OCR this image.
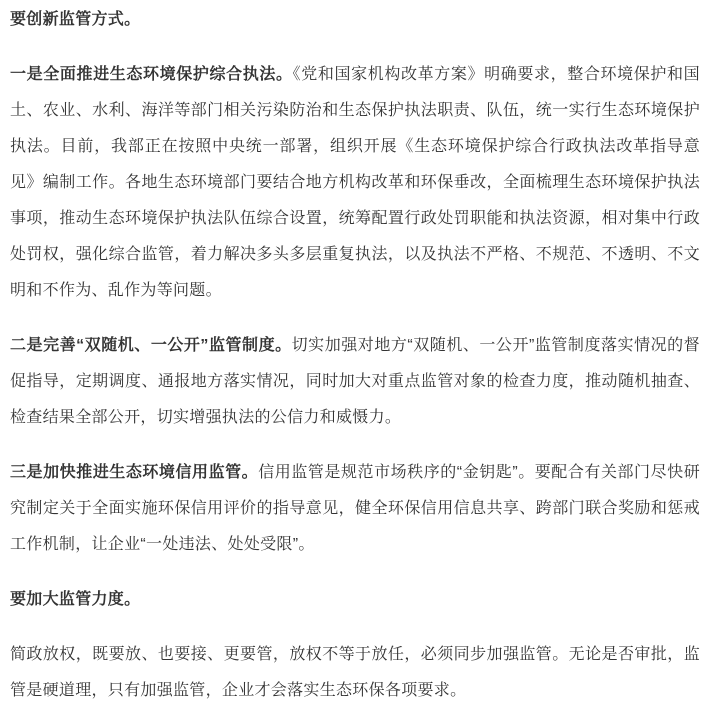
要创新监管方式。

一是全面推进生态环境保护综合执法。《党和国家机构改革方案》明确要求，整合环境保护和国土、农业、水利、海洋等部门相关污染防治和生态保护执法职责、队伍，统一实行生态环境保护执法。目前，我部正在按照中央统一部署，组织开展《生态环境保护综合行政执法改革指导意见》编制工作。各地生态环境部门要结合地方机构改革和环保垂改，全面梳理生态环境保护执法事项，推动生态环境保护执法队伍综合设置，统筹配置行政处罚职能和执法资源，相对集中行政处罚权，强化综合监管，着力解决多头多层重复执法，以及执法不严格、不规范、不透明、不文明和不作为、乱作为等问题。

二是完善“双随机、一公开”监管制度。切实加强对地方“双随机、一公开”监管制度落实情况的督促指导，定期调度、通报地方落实情况，同时加大对重点监管对象的检查力度，推动随机抽查、检查结果全部公开，切实增强执法的公信力和威慑力。

三是加快推进生态环境信用监管。信用监管是规范市场秩序的“金钥匙”。要配合有关部门尽快研究制定关于全面实施环保信用评价的指导意见，健全环保信用信息共享、跨部门联合奖励和惩戒工作机制，让企业“一处违法、处处受限”。

要加大监管力度。

简政放权，既要放、也要接、更要管，放权不等于放任，必须同步加强监管。无论是否审批，监管是硬道理，只有加强监管，企业才会落实生态环保各项要求。
